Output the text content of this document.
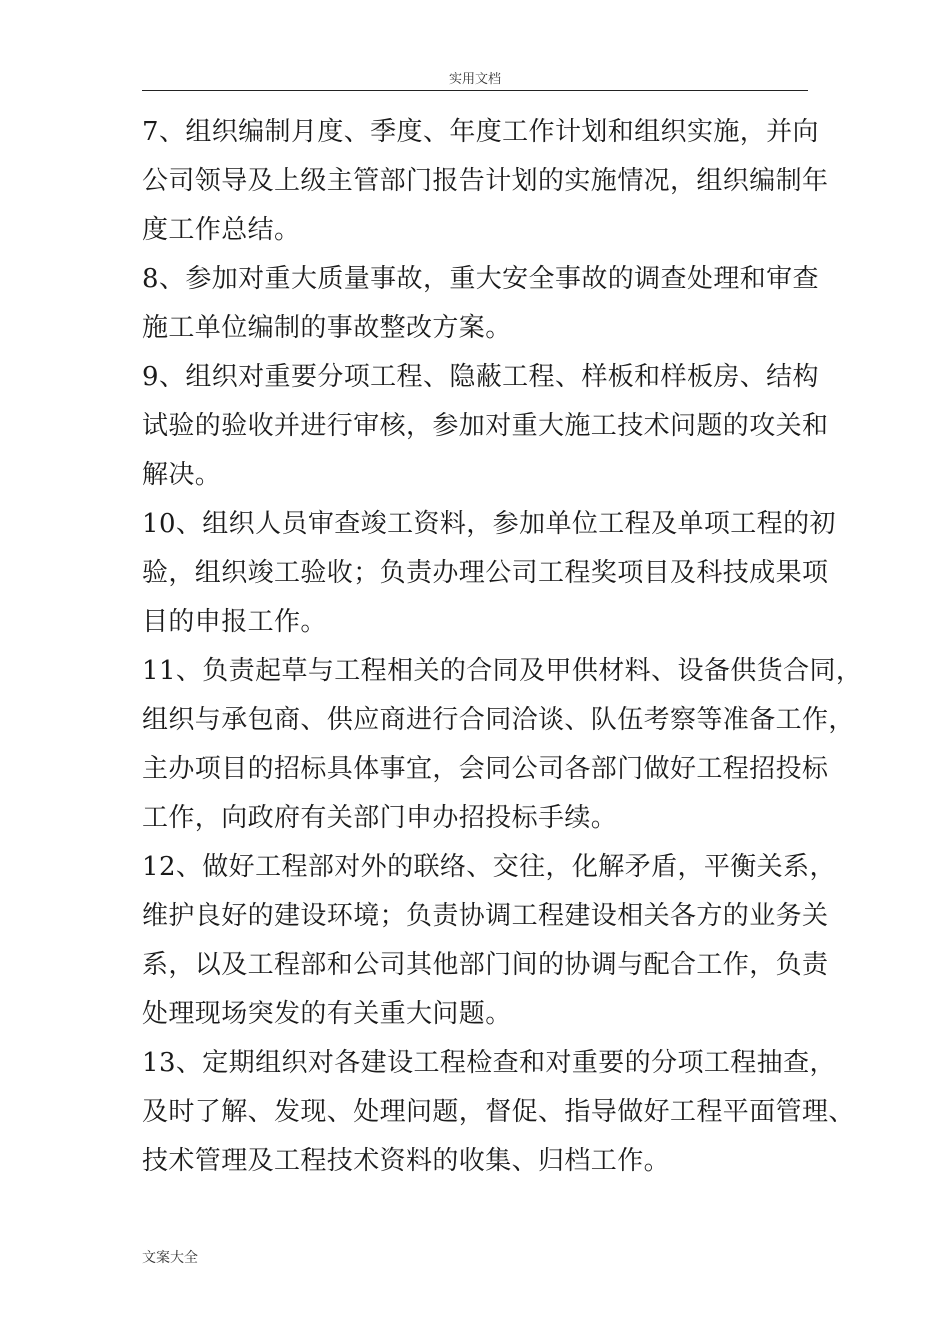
实用文档

7、组织编制月度、季度、年度工作计划和组织实施，并向
公司领导及上级主管部门报告计划的实施情况，组织编制年
度工作总结。

8、参加对重大质量事故，重大安全事故的调查处理和审查
施工单位编制的事故整改方案。

9、组织对重要分项工程、隐蔽工程、样板和样板房、结构
试验的验收并进行审核，参加对重大施工技术问题的攻关和
解决。

10、组织人员审查竣工资料，参加单位工程及单项工程的初
验，组织竣工验收；负责办理公司工程奖项目及科技成果项
目的申报工作。

11、负责起草与工程相关的合同及甲供材料、设备供货合同，
组织与承包商、供应商进行合同洽谈、队伍考察等准备工作，
主办项目的招标具体事宜，会同公司各部门做好工程招投标
工作，向政府有关部门申办招投标手续。

12、做好工程部对外的联络、交往，化解矛盾，平衡关系，
维护良好的建设环境；负责协调工程建设相关各方的业务关
系，以及工程部和公司其他部门间的协调与配合工作，负责
处理现场突发的有关重大问题。

13、定期组织对各建设工程检查和对重要的分项工程抽查，
及时了解、发现、处理问题，督促、指导做好工程平面管理、
技术管理及工程技术资料的收集、归档工作。

文案大全
